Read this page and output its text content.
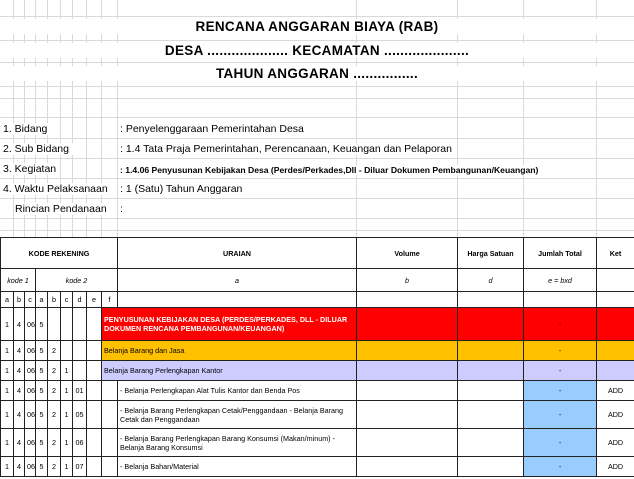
RENCANA ANGGARAN BIAYA (RAB)
DESA .................... KECAMATAN .....................
TAHUN ANGGARAN ................
1. Bidang	: Penyelenggaraan Pemerintahan Desa
2. Sub Bidang	: 1.4 Tata Praja Pemerintahan, Perencanaan, Keuangan dan Pelaporan
3. Kegiatan	: 1.4.06 Penyusunan Kebijakan Desa (Perdes/Perkades,Dll - Diluar Dokumen Pembangunan/Keuangan)
4. Waktu Pelaksanaan	: 1 (Satu) Tahun Anggaran
Rincian Pendanaan	:
KODE REKENING									URAIAN	Volume	Harga Satuan	Jumlah Total	Ket
kode 1			kode 2						a	b	d	e = bxd	
a	b	c	a	b	c	d	e	f					
1	4	06	5					PENYUSUNAN KEBIJAKAN DESA (PERDES/PERKADES, DLL - DILUAR DOKUMEN RENCANA PEMBANGUNAN/KEUANGAN)				-	
1	4	06	5	2				Belanja Barang dan Jasa				-	
1	4	06	5	2	1			Belanja Barang Perlengkapan Kantor				-	
1	4	06	5	2	1	01			- Belanja Perlengkapan Alat Tulis Kantor dan Benda Pos			-	ADD
1	4	06	5	2	1	05			- Belanja Barang Perlengkapan Cetak/Penggandaan - Belanja Barang Cetak dan Penggandaan			-	ADD
1	4	06	5	2	1	06			- Belanja Barang Perlengkapan Barang Konsumsi (Makan/minum) - Belanja Barang Konsumsi			-	ADD
1	4	06	5	2	1	07			- Belanja Bahan/Material			-	ADD
